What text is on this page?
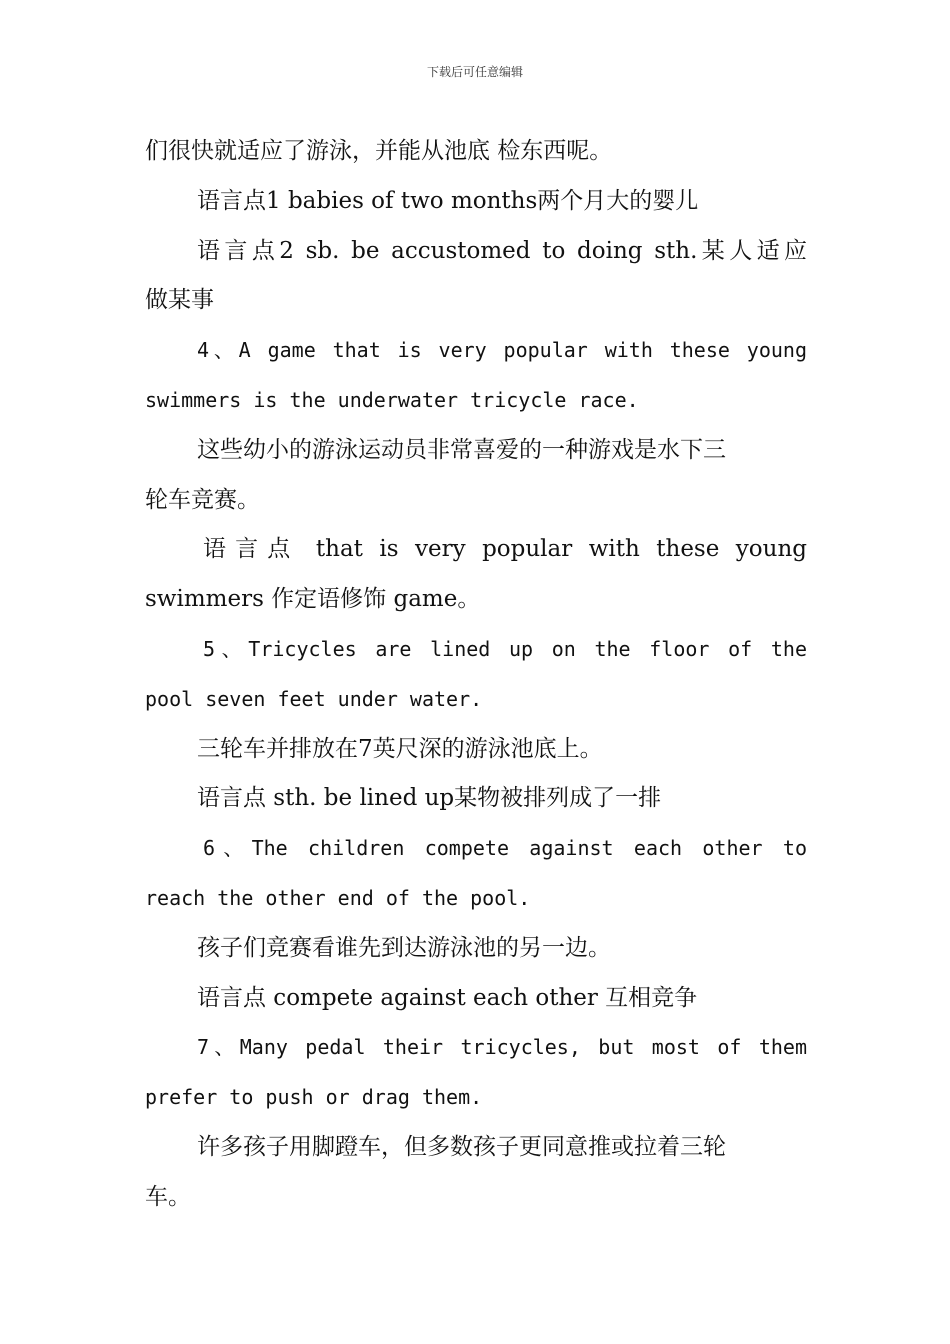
下载后可任意编辑
们很快就适应了游泳，并能从池底 检东西呢。
语言点1 babies of two months两个月大的婴儿
语言点2 sb. be accustomed to doing sth.某人适应
做某事
4、A game that is very popular with these young
swimmers is the underwater tricycle race.
这些幼小的游泳运动员非常喜爱的一种游戏是水下三
轮车竞赛。
语言点 that is very popular with these young
swimmers 作定语修饰 game。
5、Tricycles are lined up on the floor of the
pool seven feet under water.
三轮车并排放在7英尺深的游泳池底上。
语言点 sth. be lined up某物被排列成了一排
6、The children compete against each other to
reach the other end of the pool.
孩子们竞赛看谁先到达游泳池的另一边。
语言点 compete against each other 互相竞争
7、Many pedal their tricycles, but most of them
prefer to push or drag them.
许多孩子用脚蹬车，但多数孩子更同意推或拉着三轮
车。
